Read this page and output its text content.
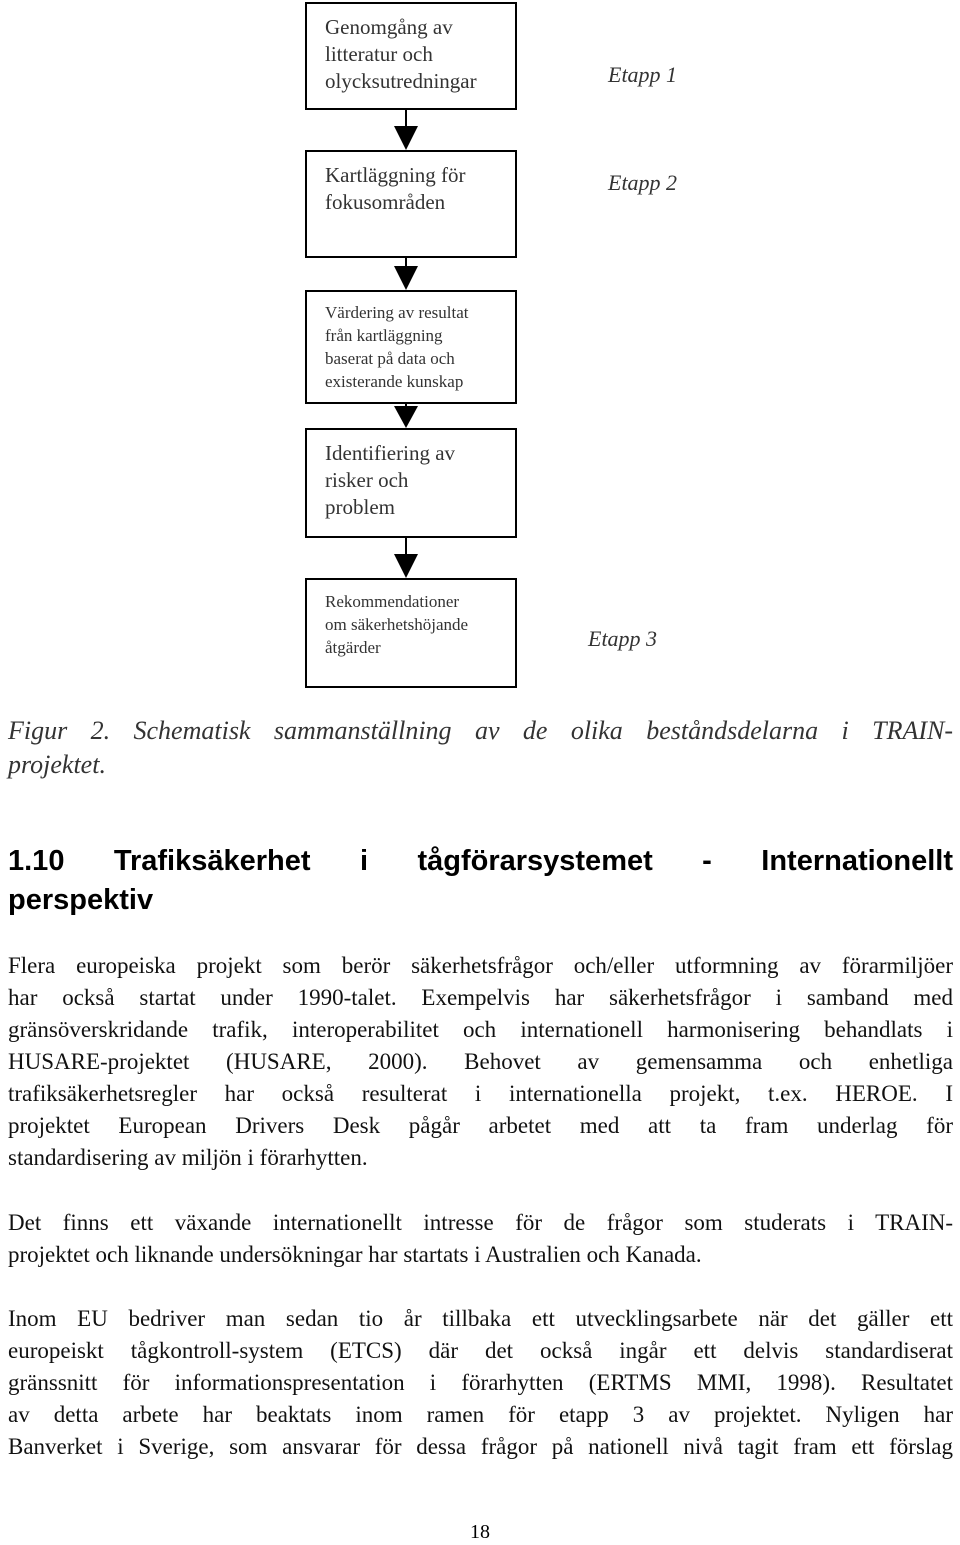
Genomgång av
litteratur och
olycksutredningar
Kartläggning för
fokusområden
Värdering av resultat
från kartläggning
baserat på data och
existerande kunskap
Identifiering av
risker och
problem
Rekommendationer
om säkerhetshöjande
åtgärder
Etapp 1
Etapp 2
Etapp 3
Figur 2. Schematisk sammanställning av de olika beståndsdelarna i TRAIN-
projektet.
1.10 Trafiksäkerhet i tågförarsystemet - Internationellt
perspektiv
Flera europeiska projekt som berör säkerhetsfrågor och/eller utformning av förarmiljöer
har också startat under 1990-talet. Exempelvis har säkerhetsfrågor i samband med
gränsöverskridande trafik, interoperabilitet och internationell harmonisering behandlats i
HUSARE-projektet (HUSARE, 2000). Behovet av gemensamma och enhetliga
trafiksäkerhetsregler har också resulterat i internationella projekt, t.ex. HEROE. I
projektet European Drivers Desk pågår arbetet med att ta fram underlag för
standardisering av miljön i förarhytten.
Det finns ett växande internationellt intresse för de frågor som studerats i TRAIN-
projektet och liknande undersökningar har startats i Australien och Kanada.
Inom EU bedriver man sedan tio år tillbaka ett utvecklingsarbete när det gäller ett
europeiskt tågkontroll-system (ETCS) där det också ingår ett delvis standardiserat
gränssnitt för informationspresentation i förarhytten (ERTMS MMI, 1998). Resultatet
av detta arbete har beaktats inom ramen för etapp 3 av projektet. Nyligen har
Banverket i Sverige, som ansvarar för dessa frågor på nationell nivå tagit fram ett förslag
18
